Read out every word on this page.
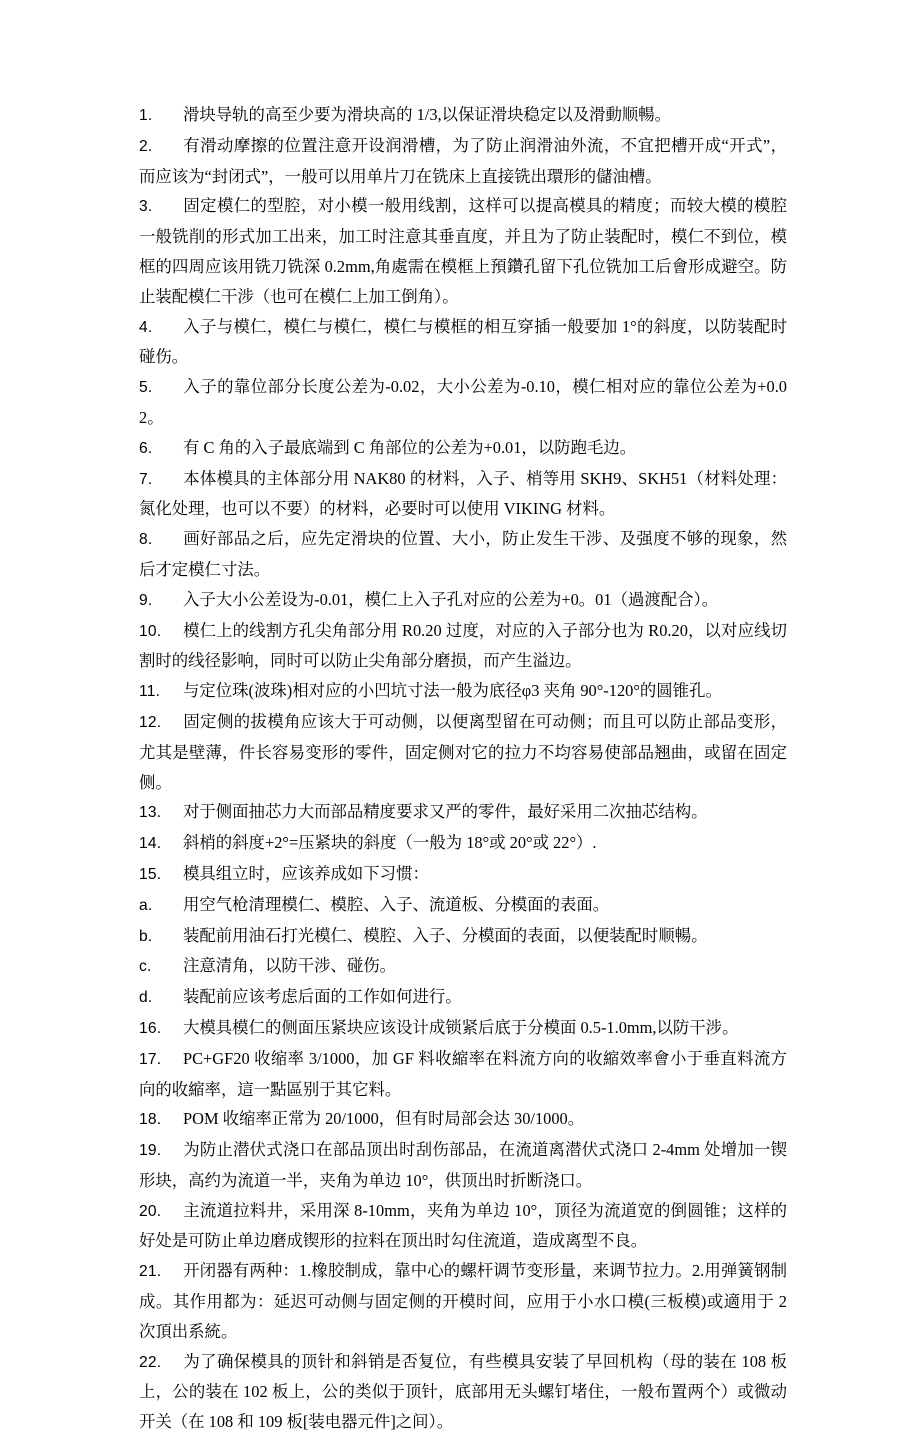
1. 滑块导轨的高至少要为滑块高的 1/3,以保证滑块稳定以及滑動顺暢。

2. 有滑动摩擦的位置注意开设润滑槽，为了防止润滑油外流，不宜把槽开成“开式”，而应该为“封闭式”，一般可以用单片刀在铣床上直接铣出環形的儲油槽。

3. 固定模仁的型腔，对小模一般用线割，这样可以提高模具的精度；而较大模的模腔一般铣削的形式加工出来，加工时注意其垂直度，并且为了防止装配时，模仁不到位，模框的四周应该用铣刀铣深 0.2mm,角處需在模框上預鑽孔留下孔位铣加工后會形成避空。防止装配模仁干涉（也可在模仁上加工倒角）。

4. 入子与模仁，模仁与模仁，模仁与模框的相互穿插一般要加 1°的斜度，以防装配时碰伤。

5. 入子的靠位部分长度公差为-0.02，大小公差为-0.10，模仁相对应的靠位公差为+0.02。

6. 有 C 角的入子最底端到 C 角部位的公差为+0.01，以防跑毛边。

7. 本体模具的主体部分用 NAK80 的材料，入子、梢等用 SKH9、SKH51（材料处理：氮化处理，也可以不要）的材料，必要时可以使用 VIKING 材料。

8. 画好部品之后，应先定滑块的位置、大小，防止发生干涉、及强度不够的现象，然后才定模仁寸法。

9. 入子大小公差设为-0.01，模仁上入子孔对应的公差为+0。01（過渡配合）。

10. 模仁上的线割方孔尖角部分用 R0.20 过度，对应的入子部分也为 R0.20，以对应线切割时的线径影响，同时可以防止尖角部分磨损，而产生溢边。

11. 与定位珠(波珠)相对应的小凹坑寸法一般为底径φ3 夹角 90°-120°的圆锥孔。

12. 固定侧的拔模角应该大于可动侧，以便离型留在可动侧；而且可以防止部品变形，尤其是壁薄，件长容易变形的零件，固定侧对它的拉力不均容易使部品翘曲，或留在固定侧。

13. 对于侧面抽芯力大而部品精度要求又严的零件，最好采用二次抽芯结构。

14. 斜梢的斜度+2°=压紧块的斜度（一般为 18°或 20°或 22°）.

15. 模具组立时，应该养成如下习惯：

a. 用空气枪清理模仁、模腔、入子、流道板、分模面的表面。

b. 装配前用油石打光模仁、模腔、入子、分模面的表面，以便装配时顺暢。

c. 注意清角，以防干涉、碰伤。

d. 装配前应该考虑后面的工作如何进行。

16. 大模具模仁的侧面压紧块应该设计成锁紧后底于分模面 0.5-1.0mm,以防干涉。

17. PC+GF20 收缩率 3/1000，加 GF 料收縮率在料流方向的收縮效率會小于垂直料流方向的收縮率，這一點區别于其它料。

18. POM 收缩率正常为 20/1000，但有时局部会达 30/1000。

19. 为防止潜伏式浇口在部品顶出时刮伤部品，在流道离潜伏式浇口 2-4mm 处增加一锲形块，高约为流道一半，夹角为单边 10°，供顶出时折断浇口。

20. 主流道拉料井，采用深 8-10mm，夹角为单边 10°，顶径为流道宽的倒圆锥；这样的好处是可防止单边磨成锲形的拉料在顶出时勾住流道，造成离型不良。

21. 开闭器有两种：1.橡胶制成，靠中心的螺杆调节变形量，来调节拉力。2.用弹簧钢制成。其作用都为：延迟可动侧与固定侧的开模时间，应用于小水口模(三板模)或適用于 2 次頂出系統。

22. 为了确保模具的顶针和斜销是否复位，有些模具安装了早回机构（母的装在 108 板上，公的装在 102 板上，公的类似于顶针，底部用无头螺钉堵住，一般布置两个）或微动开关（在 108 和 109 板[装电器元件]之间）。
